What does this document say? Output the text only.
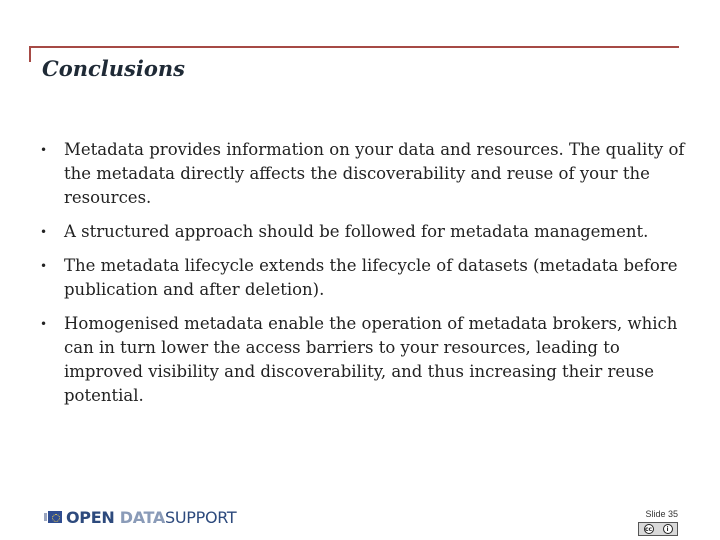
Conclusions
• Metadata provides information on your data and resources. The quality of the metadata directly affects the discoverability and reuse of your the resources.
• A structured approach should be followed for metadata management.
• The metadata lifecycle extends the lifecycle of datasets (metadata before publication and after deletion).
• Homogenised metadata enable the operation of metadata brokers, which can in turn lower the access barriers to your resources, leading to improved visibility and discoverability, and thus increasing their reuse potential.
OPEN DATASUPPORT	Slide 35
cc	i
